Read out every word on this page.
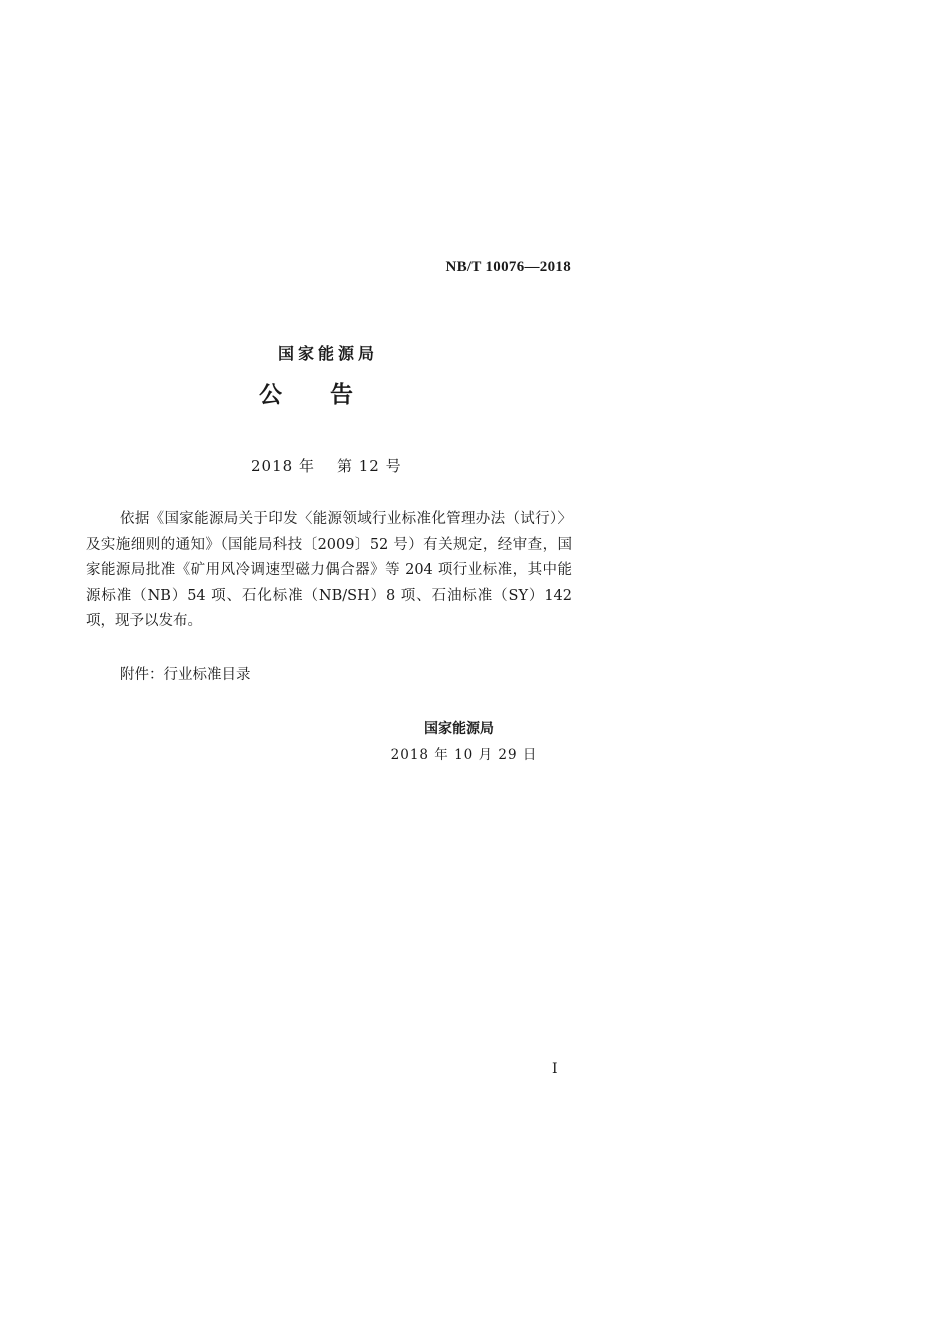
NB/T 10076—2018
国家能源局
公告
2018 年 第 12 号
依据《国家能源局关于印发〈能源领域行业标准化管理办法（试行）〉及实施细则的通知》（国能局科技〔2009〕52 号）有关规定，经审查，国家能源局批准《矿用风冷调速型磁力偶合器》等 204 项行业标准，其中能源标准（NB）54 项、石化标准（NB/SH）8 项、石油标准（SY）142 项，现予以发布。
附件：行业标准目录
国家能源局
2018 年 10 月 29 日
I
